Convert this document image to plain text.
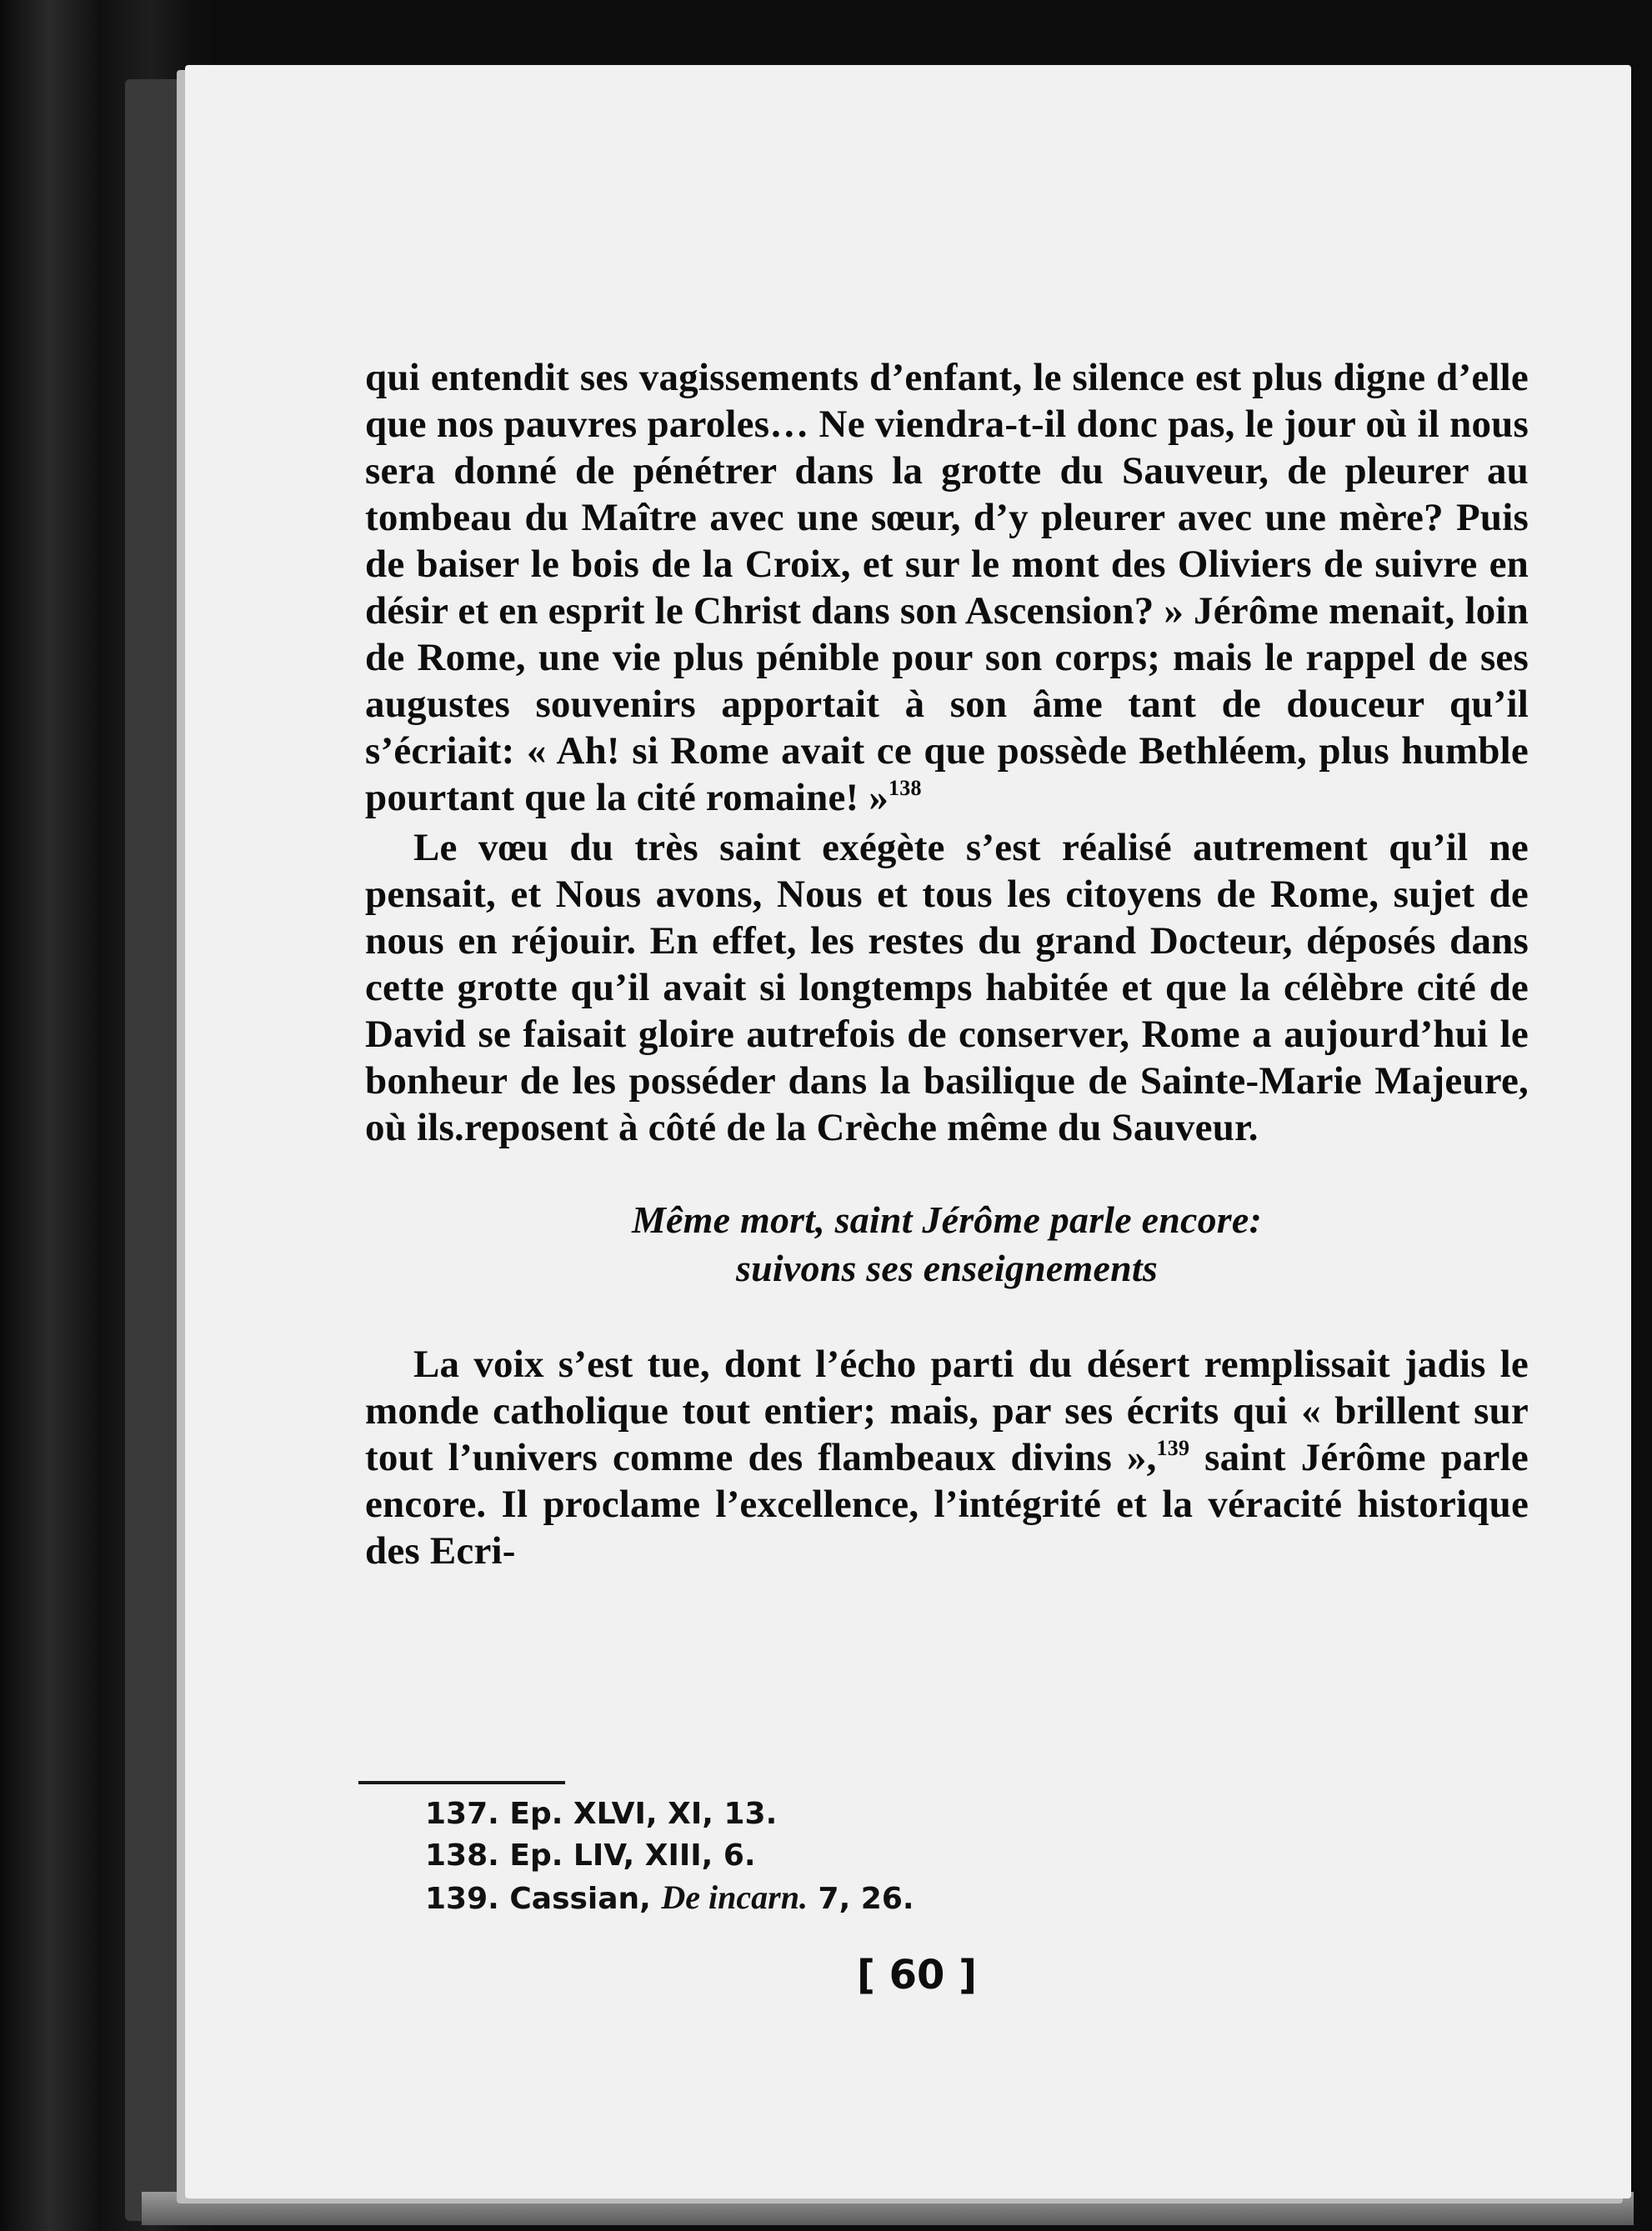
qui entendit ses vagissements d’enfant, le silence est plus digne d’elle que nos pauvres paroles… Ne viendra-t-il donc pas, le jour où il nous sera donné de pénétrer dans la grotte du Sauveur, de pleurer au tombeau du Maître avec une sœur, d’y pleurer avec une mère? Puis de baiser le bois de la Croix, et sur le mont des Oliviers de suivre en désir et en esprit le Christ dans son Ascension? » Jérôme menait, loin de Rome, une vie plus pénible pour son corps; mais le rappel de ses augustes souvenirs apportait à son âme tant de douceur qu’il s’écriait: « Ah! si Rome avait ce que possède Bethléem, plus humble pourtant que la cité romaine! »$^{138}$

Le vœu du très saint exégète s’est réalisé autrement qu’il ne pensait, et Nous avons, Nous et tous les citoyens de Rome, sujet de nous en réjouir. En effet, les restes du grand Docteur, déposés dans cette grotte qu’il avait si longtemps habitée et que la célèbre cité de David se faisait gloire autrefois de conserver, Rome a aujourd’hui le bonheur de les posséder dans la basilique de Sainte-Marie Majeure, où ils.reposent à côté de la Crèche même du Sauveur.

Même mort, saint Jérôme parle encore:
suivons ses enseignements

La voix s’est tue, dont l’écho parti du désert remplissait jadis le monde catholique tout entier; mais, par ses écrits qui « brillent sur tout l’univers comme des flambeaux divins »,$^{139}$ saint Jérôme parle encore. Il proclame l’excellence, l’intégrité et la véracité historique des Ecri-

137. Ep. XLVI, XI, 13.
138. Ep. LIV, XIII, 6.
139. Cassian, De incarn. 7, 26.
[ 60 ]
